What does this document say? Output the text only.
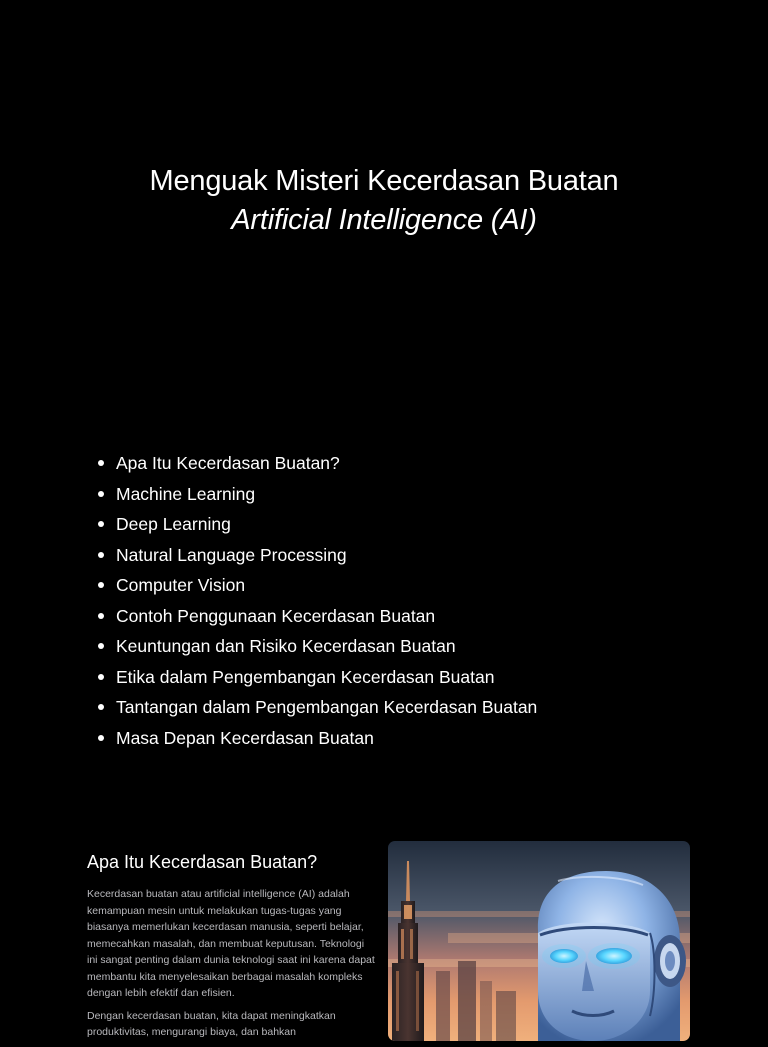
Menguak Misteri Kecerdasan Buatan
Artificial Intelligence (AI)
Apa Itu Kecerdasan Buatan?
Machine Learning
Deep Learning
Natural Language Processing
Computer Vision
Contoh Penggunaan Kecerdasan Buatan
Keuntungan dan Risiko Kecerdasan Buatan
Etika dalam Pengembangan Kecerdasan Buatan
Tantangan dalam Pengembangan Kecerdasan Buatan
Masa Depan Kecerdasan Buatan
Apa Itu Kecerdasan Buatan?

Kecerdasan buatan atau artificial intelligence (AI) adalah kemampuan mesin untuk melakukan tugas-tugas yang biasanya memerlukan kecerdasan manusia, seperti belajar, memecahkan masalah, dan membuat keputusan. Teknologi ini sangat penting dalam dunia teknologi saat ini karena dapat membantu kita menyelesaikan berbagai masalah kompleks dengan lebih efektif dan efisien.

Dengan kecerdasan buatan, kita dapat meningkatkan produktivitas, mengurangi biaya, dan bahkan
